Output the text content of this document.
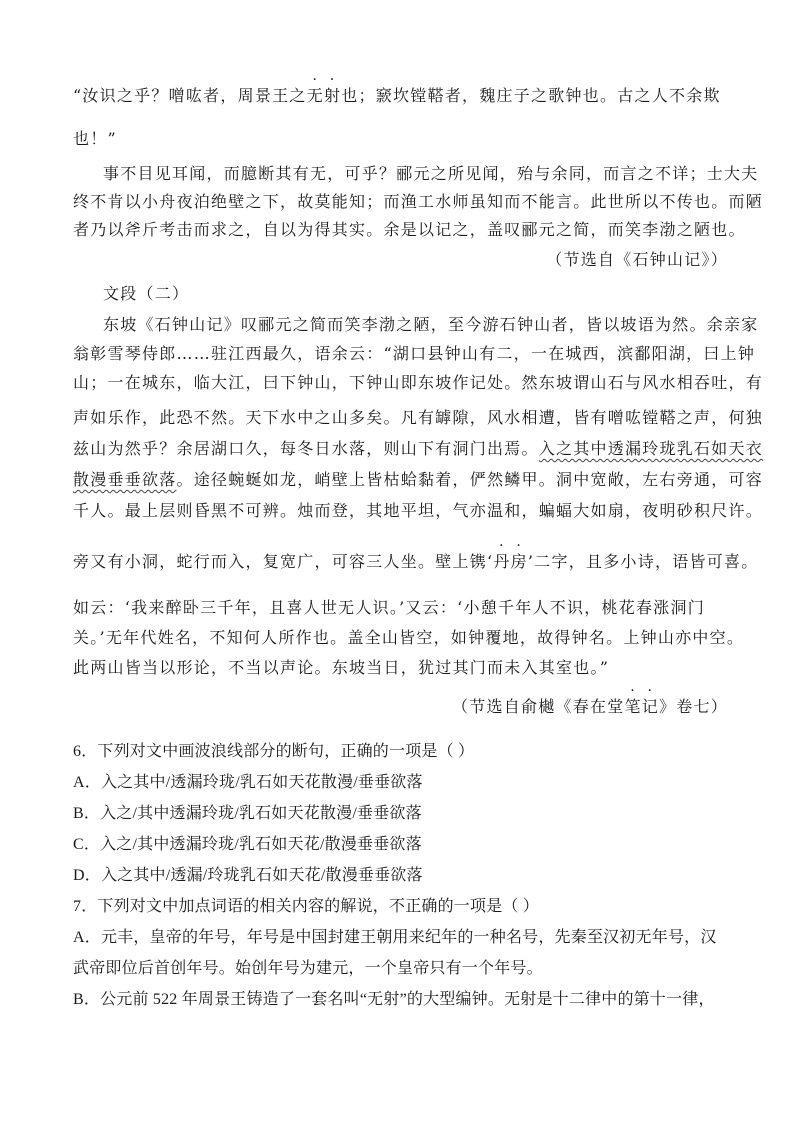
“汝识之乎？噌吰者，周景王之无射也；窾坎镗鞳者，魏庄子之歌钟也。古之人不余欺
也！”
事不目见耳闻，而臆断其有无，可乎？郦元之所见闻，殆与余同，而言之不详；士大夫
终不肯以小舟夜泊绝壁之下，故莫能知；而渔工水师虽知而不能言。此世所以不传也。而陋
者乃以斧斤考击而求之，自以为得其实。余是以记之，盖叹郦元之简，而笑李渤之陋也。
（节选自《石钟山记》）
文段（二）
东坡《石钟山记》叹郦元之简而笑李渤之陋，至今游石钟山者，皆以坡语为然。余亲家
翁彰雪琴侍郎……驻江西最久，语余云：“湖口县钟山有二，一在城西，滨鄱阳湖，曰上钟
山；一在城东，临大江，曰下钟山，下钟山即东坡作记处。然东坡谓山石与风水相吞吐，有
声如乐作，此恐不然。天下水中之山多矣。凡有罅隙，风水相遭，皆有噌吰镗鞳之声，何独
兹山为然乎？余居湖口久，每冬日水落，则山下有洞门出焉。入之其中透漏玲珑乳石如天衣
散漫垂垂欲落。途径蜿蜒如龙，峭壁上皆枯蛤黏着，俨然鳞甲。洞中宽敞，左右旁通，可容
千人。最上层则昏黑不可辨。烛而登，其地平坦，气亦温和，蝙蝠大如扇，夜明砂积尺许。
旁又有小洞，蛇行而入，复宽广，可容三人坐。壁上镌‘丹房’二字，且多小诗，语皆可喜。
如云：‘我来醉卧三千年，且喜人世无人识。’又云：‘小憩千年人不识，桃花春涨洞门
关。’无年代姓名，不知何人所作也。盖全山皆空，如钟覆地，故得钟名。上钟山亦中空。
此两山皆当以形论，不当以声论。东坡当日，犹过其门而未入其室也。”
（节选自俞樾《春在堂笔记》卷七）
6．下列对文中画波浪线部分的断句，正确的一项是（ ）
A．入之其中/透漏玲珑/乳石如天花散漫/垂垂欲落
B．入之/其中透漏玲珑/乳石如天花散漫/垂垂欲落
C．入之/其中透漏玲珑/乳石如天花/散漫垂垂欲落
D．入之其中/透漏/玲珑乳石如天花/散漫垂垂欲落
7．下列对文中加点词语的相关内容的解说，不正确的一项是（ ）
A．元丰，皇帝的年号，年号是中国封建王朝用来纪年的一种名号，先秦至汉初无年号，汉
武帝即位后首创年号。始创年号为建元，一个皇帝只有一个年号。
B．公元前 522 年周景王铸造了一套名叫“无射”的大型编钟。无射是十二律中的第十一律，
